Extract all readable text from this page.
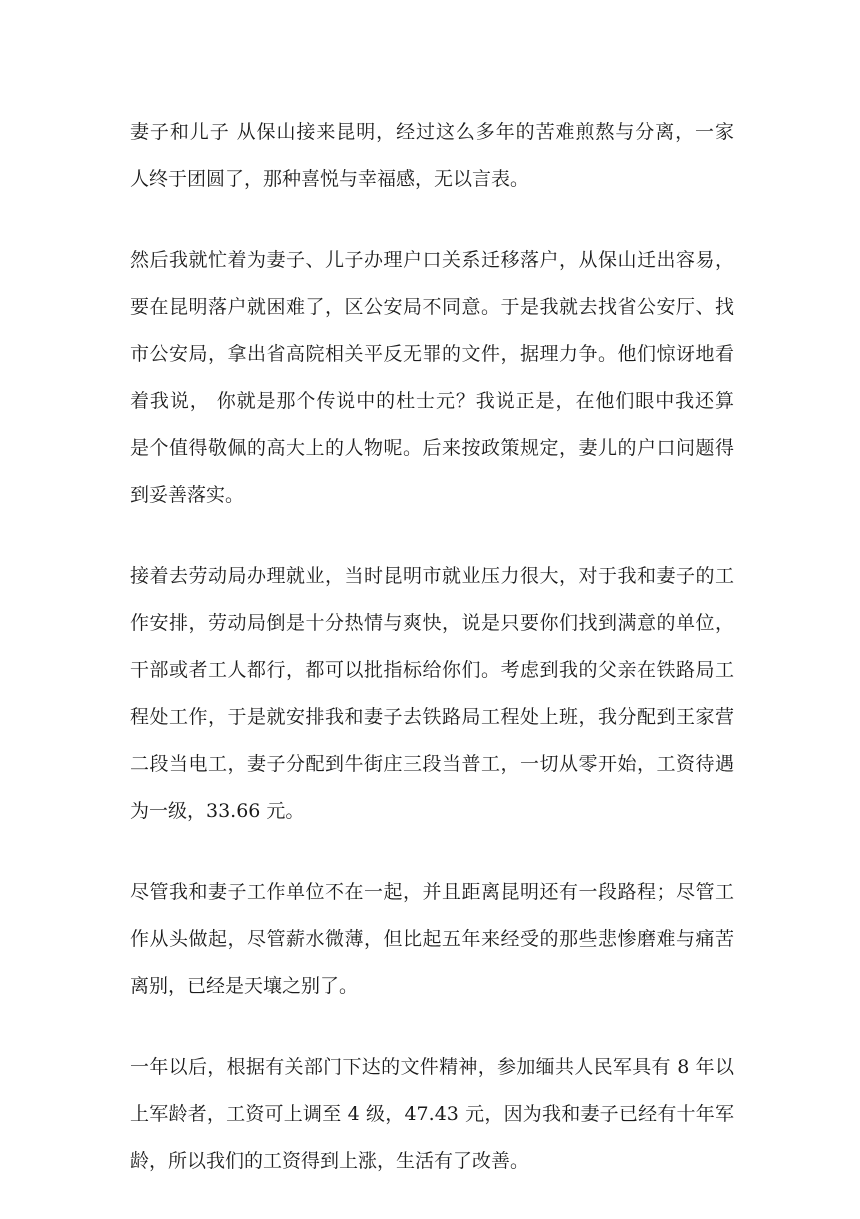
妻子和儿子 从保山接来昆明，经过这么多年的苦难煎熬与分离，一家
人终于团圆了，那种喜悦与幸福感，无以言表。

然后我就忙着为妻子、儿子办理户口关系迁移落户，从保山迁出容易，
要在昆明落户就困难了，区公安局不同意。于是我就去找省公安厅、找
市公安局，拿出省高院相关平反无罪的文件，据理力争。他们惊讶地看
着我说， 你就是那个传说中的杜士元？我说正是，在他们眼中我还算
是个值得敬佩的高大上的人物呢。后来按政策规定，妻儿的户口问题得
到妥善落实。

接着去劳动局办理就业，当时昆明市就业压力很大，对于我和妻子的工
作安排，劳动局倒是十分热情与爽快，说是只要你们找到满意的单位，
干部或者工人都行，都可以批指标给你们。考虑到我的父亲在铁路局工
程处工作，于是就安排我和妻子去铁路局工程处上班，我分配到王家营
二段当电工，妻子分配到牛街庄三段当普工，一切从零开始，工资待遇
为一级，33.66 元。

尽管我和妻子工作单位不在一起，并且距离昆明还有一段路程；尽管工
作从头做起，尽管薪水微薄，但比起五年来经受的那些悲惨磨难与痛苦
离别，已经是天壤之别了。

一年以后，根据有关部门下达的文件精神，参加缅共人民军具有 8 年以
上军龄者，工资可上调至 4 级，47.43 元，因为我和妻子已经有十年军
龄，所以我们的工资得到上涨，生活有了改善。
